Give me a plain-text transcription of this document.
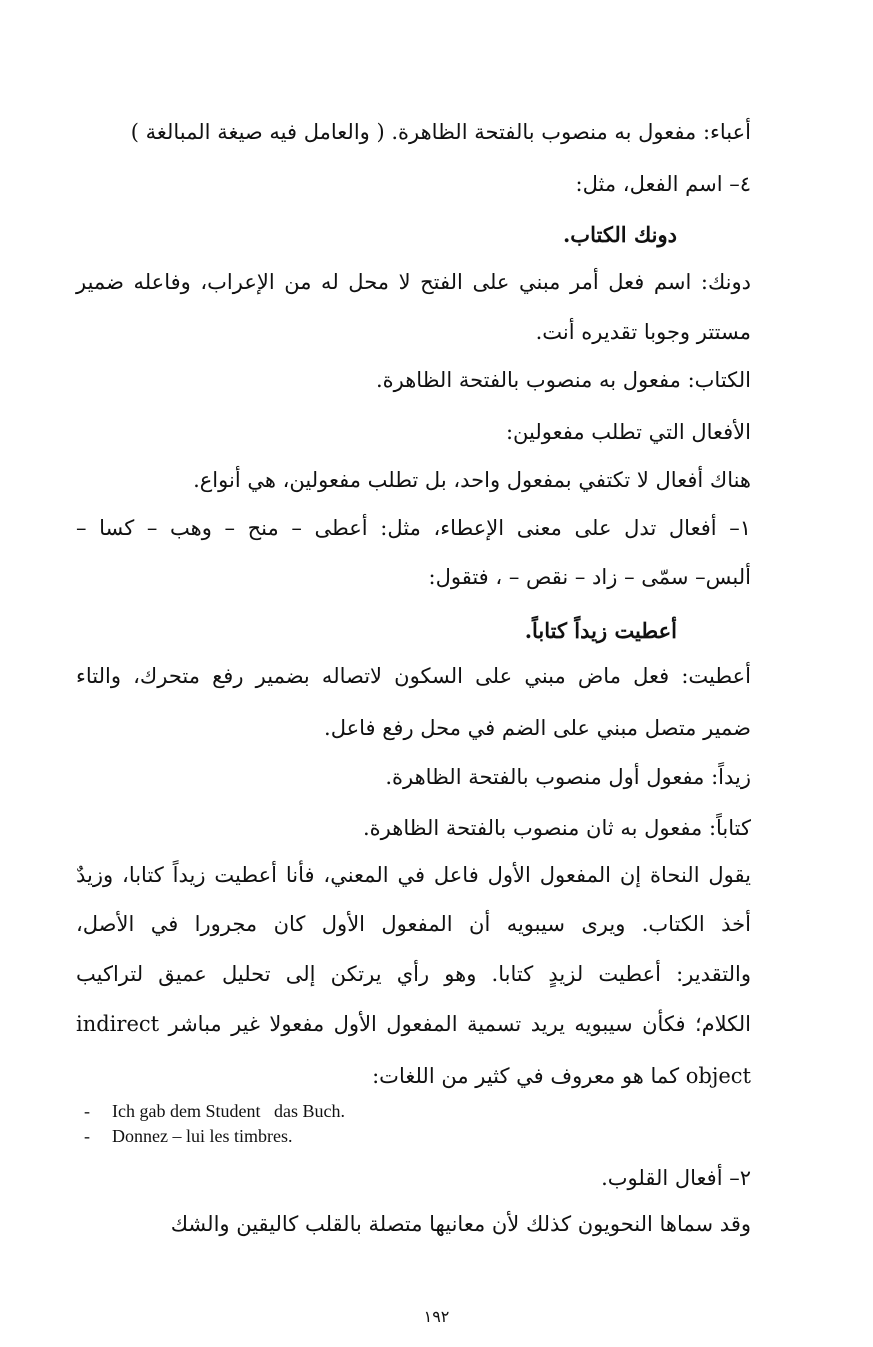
أعباء: مفعول به منصوب بالفتحة الظاهرة. ( والعامل فيه صيغة المبالغة )
٤– اسم الفعل، مثل:
دونك الكتاب.
دونك: اسم فعل أمر مبني على الفتح لا محل له من الإعراب، وفاعله ضمير
مستتر وجوبا تقديره أنت.
الكتاب: مفعول به منصوب بالفتحة الظاهرة.
الأفعال التي تطلب مفعولين:
هناك أفعال لا تكتفي بمفعول واحد، بل تطلب مفعولين، هي أنواع.
١– أفعال تدل على معنى الإعطاء، مثل: أعطى – منح – وهب – كسا –
ألبس– سمّى – زاد – نقص – ، فتقول:
أعطيت زيداً كتاباً.
أعطيت: فعل ماض مبني على السكون لاتصاله بضمير رفع متحرك، والتاء
ضمير متصل مبني على الضم في محل رفع فاعل.
زيداً: مفعول أول منصوب بالفتحة الظاهرة.
كتاباً: مفعول به ثان منصوب بالفتحة الظاهرة.
يقول النحاة إن المفعول الأول فاعل في المعني، فأنا أعطيت زيداً كتابا، وزيدٌ
أخذ الكتاب. ويرى سيبويه أن المفعول الأول كان مجرورا في الأصل،
والتقدير: أعطيت لزيدٍ كتابا. وهو رأي يرتكن إلى تحليل عميق لتراكيب
الكلام؛ فكأن سيبويه يريد تسمية المفعول الأول مفعولا غير مباشر indirect
object كما هو معروف في كثير من اللغات:
- Ich gab dem Student   das Buch.
- Donnez – lui les timbres.
٢– أفعال القلوب.
وقد سماها النحويون كذلك لأن معانيها متصلة بالقلب كاليقين والشك
١٩٢
